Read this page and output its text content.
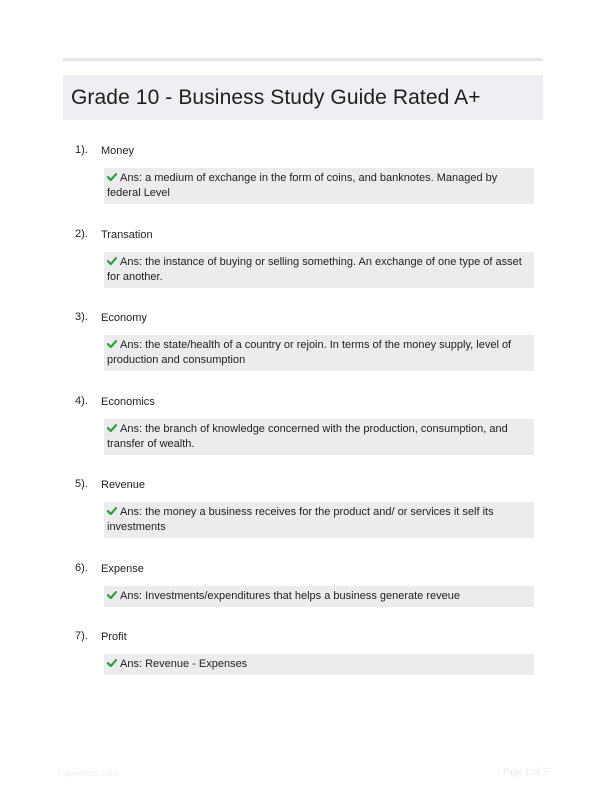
Grade 10 - Business Study Guide Rated A+
1). Money
Ans: a medium of exchange in the form of coins, and banknotes. Managed by federal Level
2). Transation
Ans: the instance of buying or selling something. An exchange of one type of asset for another.
3). Economy
Ans: the state/health of a country or rejoin. In terms of the money supply, level of production and consumption
4). Economics
Ans: the branch of knowledge concerned with the production, consumption, and transfer of wealth.
5). Revenue
Ans: the money a business receives for the product and/ or services it self its investments
6). Expense
Ans: Investments/expenditures that helps a business generate reveue
7). Profit
Ans: Revenue - Expenses
Paperbdic.com	Page 1 of 5
